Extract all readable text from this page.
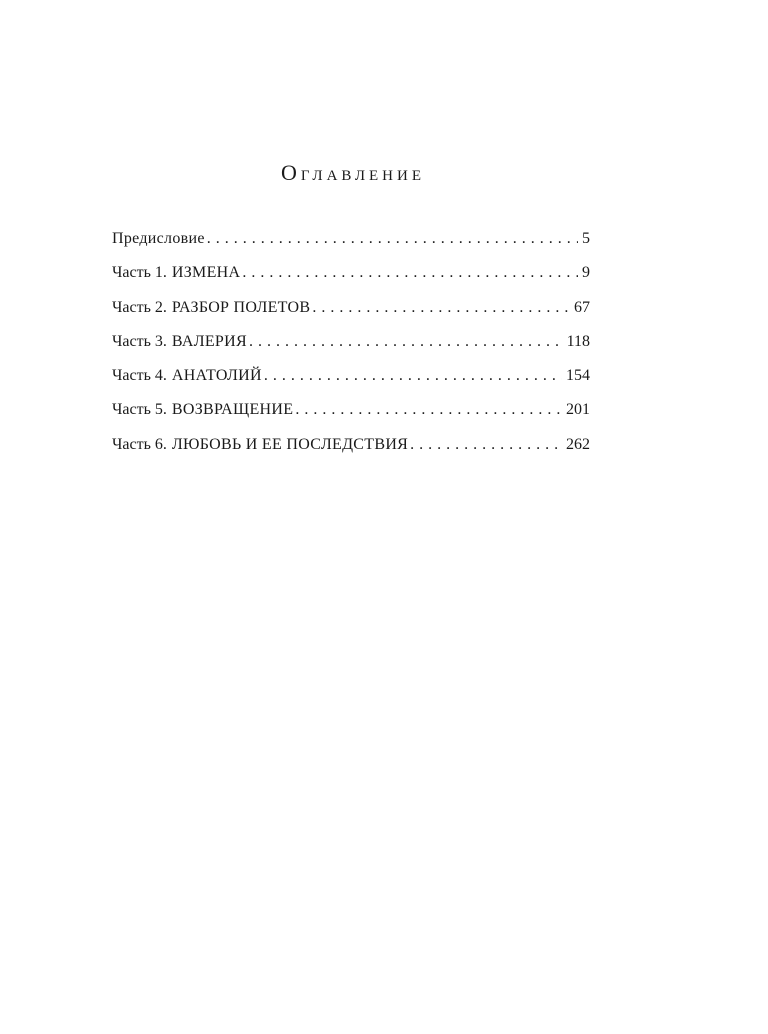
Оглавление
Предисловие . . .	5
Часть 1. ИЗМЕНА . . .	9
Часть 2. РАЗБОР ПОЛЕТОВ . . .	67
Часть 3. ВАЛЕРИЯ . . .	118
Часть 4. АНАТОЛИЙ . . .	154
Часть 5. ВОЗВРАЩЕНИЕ . . .	201
Часть 6. ЛЮБОВЬ И ЕЕ ПОСЛЕДСТВИЯ . . .	262
